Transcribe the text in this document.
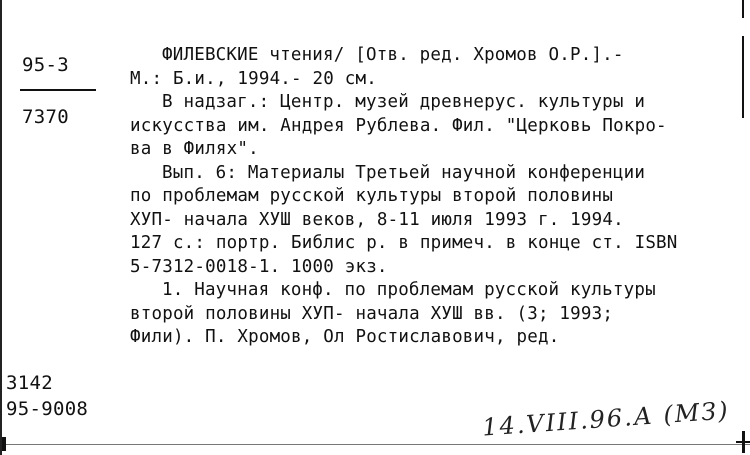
95-3
7370
3142
95-9008
ФИЛЕВСКИЕ чтения/ [Отв. ред. Хромов О.Р.].-
М.: Б.и., 1994.- 20 см.
В надзаг.: Центр. музей древнерус. культуры и
искусства им. Андрея Рублева. Фил. "Церковь Покро-
ва в Филях".
Вып. 6: Материалы Третьей научной конференции
по проблемам русской культуры второй половины
ХУП- начала ХУШ веков, 8-11 июля 1993 г. 1994.
127 с.: портр. Библис р. в примеч. в конце ст. ISBN
5-7312-0018-1. 1000 экз.
1. Научная конф. по проблемам русской культуры
второй половины ХУП- начала ХУШ вв. (3; 1993;
Фили). П. Хромов, Ол Ростиславович, ред.
14.VIII.96.А (МЗ)
